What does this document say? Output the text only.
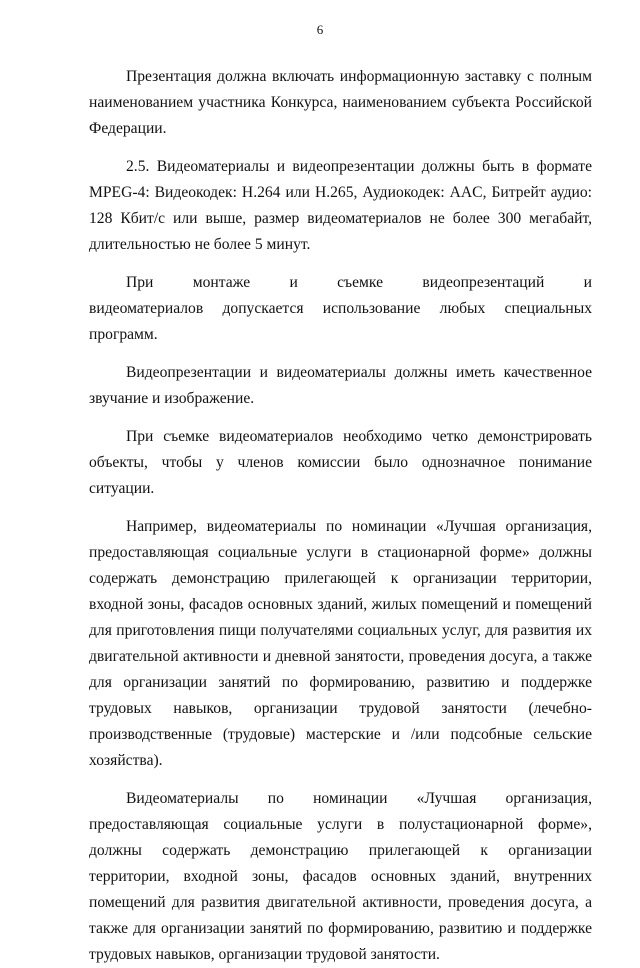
6

Презентация должна включать информационную заставку с полным наименованием участника Конкурса, наименованием субъекта Российской Федерации.

2.5. Видеоматериалы и видеопрезентации должны быть в формате MPEG-4: Видеокодек: H.264 или H.265, Аудиокодек: AAC, Битрейт аудио: 128 Кбит/с или выше, размер видеоматериалов не более 300 мегабайт, длительностью не более 5 минут.

При монтаже и съемке видеопрезентаций и видеоматериалов допускается использование любых специальных программ.

Видеопрезентации и видеоматериалы должны иметь качественное звучание и изображение.

При съемке видеоматериалов необходимо четко демонстрировать объекты, чтобы у членов комиссии было однозначное понимание ситуации.

Например, видеоматериалы по номинации «Лучшая организация, предоставляющая социальные услуги в стационарной форме» должны содержать демонстрацию прилегающей к организации территории, входной зоны, фасадов основных зданий, жилых помещений и помещений для приготовления пищи получателями социальных услуг, для развития их двигательной активности и дневной занятости, проведения досуга, а также для организации занятий по формированию, развитию и поддержке трудовых навыков, организации трудовой занятости (лечебно-производственные (трудовые) мастерские и /или подсобные сельские хозяйства).

Видеоматериалы по номинации «Лучшая организация, предоставляющая социальные услуги в полустационарной форме», должны содержать демонстрацию прилегающей к организации территории, входной зоны, фасадов основных зданий, внутренних помещений для развития двигательной активности, проведения досуга, а также для организации занятий по формированию, развитию и поддержке трудовых навыков, организации трудовой занятости.
